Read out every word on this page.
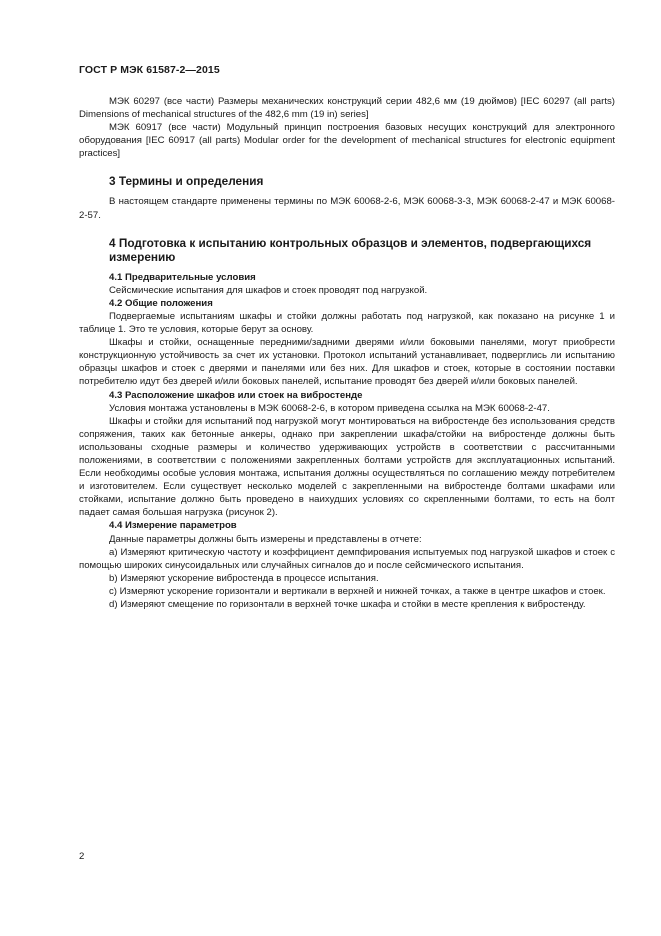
ГОСТ Р МЭК 61587-2—2015

МЭК 60297 (все части) Размеры механических конструкций серии 482,6 мм (19 дюймов) [IEC 60297 (all parts) Dimensions of mechanical structures of the 482,6 mm (19 in) series]

МЭК 60917 (все части) Модульный принцип построения базовых несущих конструкций для электронного оборудования [IEC 60917 (all parts) Modular order for the development of mechanical structures for electronic equipment practices]

3 Термины и определения

В настоящем стандарте применены термины по МЭК 60068-2-6, МЭК 60068-3-3, МЭК 60068-2-47 и МЭК 60068-2-57.

4 Подготовка к испытанию контрольных образцов и элементов, подвергающихся измерению
4.1 Предварительные условия

Сейсмические испытания для шкафов и стоек проводят под нагрузкой.

4.2 Общие положения

Подвергаемые испытаниям шкафы и стойки должны работать под нагрузкой, как показано на рисунке 1 и таблице 1. Это те условия, которые берут за основу.

Шкафы и стойки, оснащенные передними/задними дверями и/или боковыми панелями, могут приобрести конструкционную устойчивость за счет их установки. Протокол испытаний устанавливает, подверглись ли испытанию образцы шкафов и стоек с дверями и панелями или без них. Для шкафов и стоек, которые в состоянии поставки потребителю идут без дверей и/или боковых панелей, испытание проводят без дверей и/или боковых панелей.

4.3 Расположение шкафов или стоек на вибростенде

Условия монтажа установлены в МЭК 60068-2-6, в котором приведена ссылка на МЭК 60068-2-47.

Шкафы и стойки для испытаний под нагрузкой могут монтироваться на вибростенде без использования средств сопряжения, таких как бетонные анкеры, однако при закреплении шкафа/стойки на вибростенде должны быть использованы сходные размеры и количество удерживающих устройств в соответствии с рассчитанными положениями, в соответствии с положениями закрепленных болтами устройств для эксплуатационных испытаний. Если необходимы особые условия монтажа, испытания должны осуществляться по соглашению между потребителем и изготовителем. Если существует несколько моделей с закрепленными на вибростенде болтами шкафами или стойками, испытание должно быть проведено в наихудших условиях со скрепленными болтами, то есть на болт падает самая большая нагрузка (рисунок 2).

4.4 Измерение параметров

Данные параметры должны быть измерены и представлены в отчете:

а) Измеряют критическую частоту и коэффициент демпфирования испытуемых под нагрузкой шкафов и стоек с помощью широких синусоидальных или случайных сигналов до и после сейсмического испытания.

b) Измеряют ускорение вибростенда в процессе испытания.

с) Измеряют ускорение горизонтали и вертикали в верхней и нижней точках, а также в центре шкафов и стоек.

d) Измеряют смещение по горизонтали в верхней точке шкафа и стойки в месте крепления к вибростенду.

2
